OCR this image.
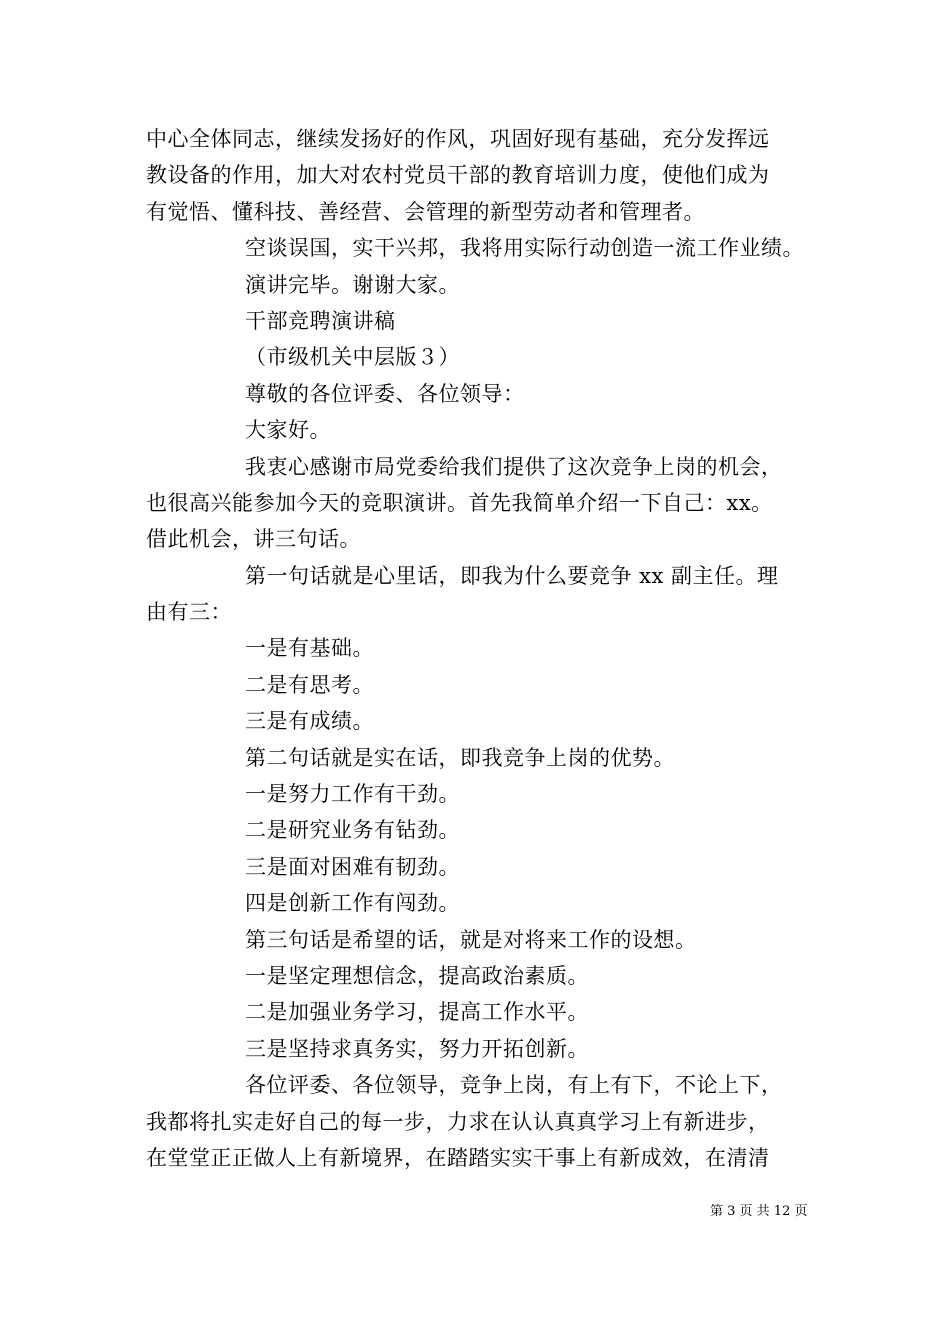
中心全体同志，继续发扬好的作风，巩固好现有基础，充分发挥远
教设备的作用，加大对农村党员干部的教育培训力度，使他们成为
有觉悟、懂科技、善经营、会管理的新型劳动者和管理者。
空谈误国，实干兴邦，我将用实际行动创造一流工作业绩。
演讲完毕。谢谢大家。
干部竞聘演讲稿
（市级机关中层版３）
尊敬的各位评委、各位领导：
大家好。
我衷心感谢市局党委给我们提供了这次竞争上岗的机会，
也很高兴能参加今天的竞职演讲。首先我简单介绍一下自己：xx。
借此机会，讲三句话。
第一句话就是心里话，即我为什么要竞争 xx 副主任。理
由有三：
一是有基础。
二是有思考。
三是有成绩。
第二句话就是实在话，即我竞争上岗的优势。
一是努力工作有干劲。
二是研究业务有钻劲。
三是面对困难有韧劲。
四是创新工作有闯劲。
第三句话是希望的话，就是对将来工作的设想。
一是坚定理想信念，提高政治素质。
二是加强业务学习，提高工作水平。
三是坚持求真务实，努力开拓创新。
各位评委、各位领导，竞争上岗，有上有下，不论上下，
我都将扎实走好自己的每一步，力求在认认真真学习上有新进步，
在堂堂正正做人上有新境界，在踏踏实实干事上有新成效，在清清
第 3 页 共 12 页
